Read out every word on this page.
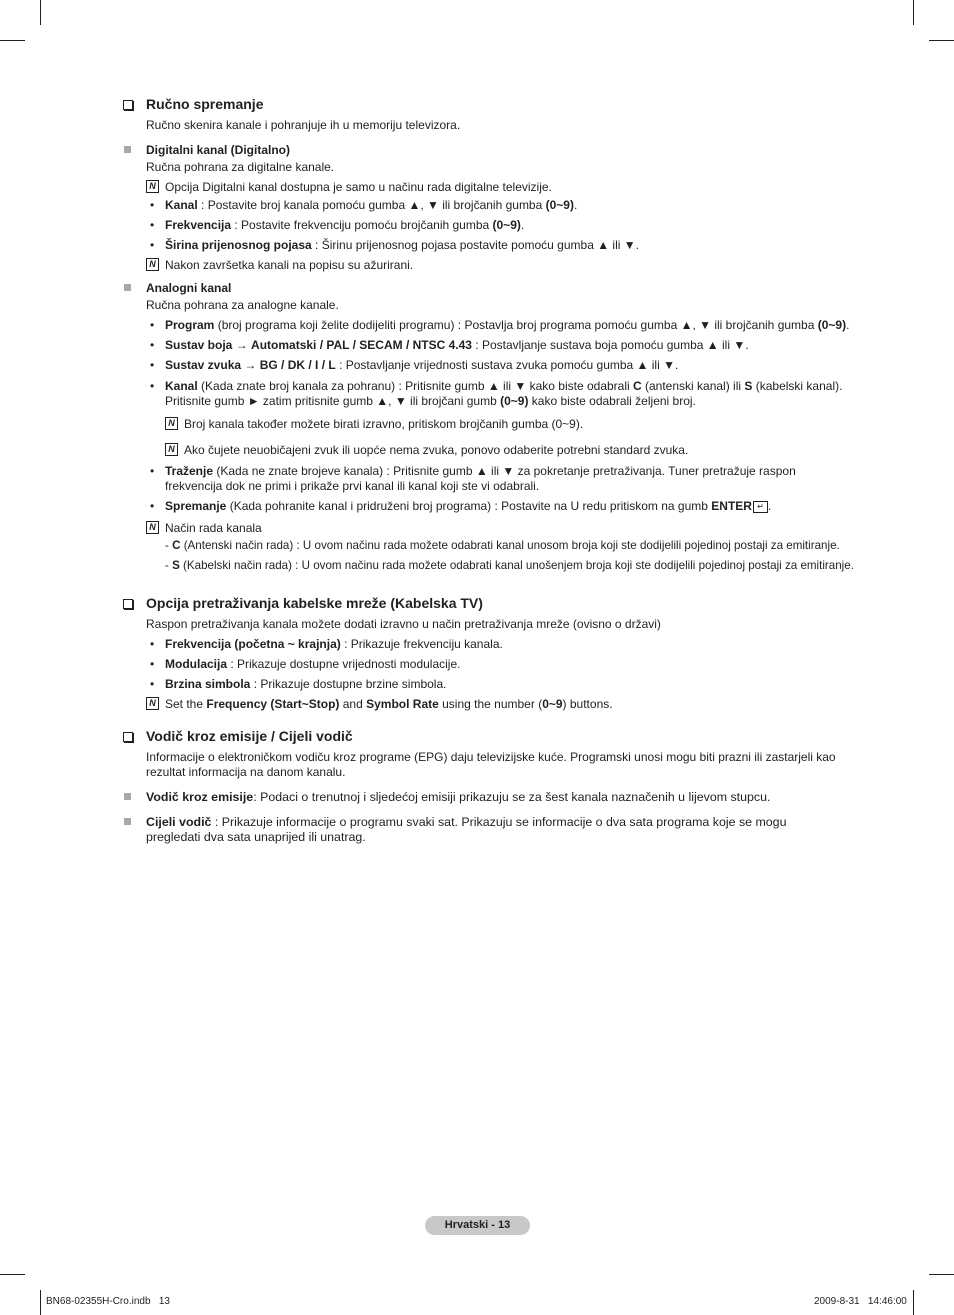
Ručno spremanje
Ručno skenira kanale i pohranjuje ih u memoriju televizora.
Digitalni kanal (Digitalno)
Ručna pohrana za digitalne kanale.
N Opcija Digitalni kanal dostupna je samo u načinu rada digitalne televizije.
• Kanal : Postavite broj kanala pomoću gumba ▲, ▼ ili brojčanih gumba (0~9).
• Frekvencija : Postavite frekvenciju pomoću brojčanih gumba (0~9).
• Širina prijenosnog pojasa : Širinu prijenosnog pojasa postavite pomoću gumba ▲ ili ▼.
N Nakon završetka kanali na popisu su ažurirani.
Analogni kanal
Ručna pohrana za analogne kanale.
• Program (broj programa koji želite dodijeliti programu) : Postavlja broj programa pomoću gumba ▲, ▼ ili brojčanih gumba (0~9).
• Sustav boja → Automatski / PAL / SECAM / NTSC 4.43 : Postavljanje sustava boja pomoću gumba ▲ ili ▼.
• Sustav zvuka → BG / DK / I / L : Postavljanje vrijednosti sustava zvuka pomoću gumba ▲ ili ▼.
• Kanal (Kada znate broj kanala za pohranu) : Pritisnite gumb ▲ ili ▼ kako biste odabrali C (antenski kanal) ili S (kabelski kanal).
Pritisnite gumb ► zatim pritisnite gumb ▲, ▼ ili brojčani gumb (0~9) kako biste odabrali željeni broj.
N Broj kanala također možete birati izravno, pritiskom brojčanih gumba (0~9).
N Ako čujete neuobičajeni zvuk ili uopće nema zvuka, ponovo odaberite potrebni standard zvuka.
• Traženje (Kada ne znate brojeve kanala) : Pritisnite gumb ▲ ili ▼ za pokretanje pretraživanja. Tuner pretražuje raspon
frekvencija dok ne primi i prikaže prvi kanal ili kanal koji ste vi odabrali.
• Spremanje (Kada pohranite kanal i pridruženi broj programa) : Postavite na U redu pritiskom na gumb ENTER ↵ .
N Način rada kanala
- C (Antenski način rada) : U ovom načinu rada možete odabrati kanal unosom broja koji ste dodijelili pojedinoj postaji za emitiranje.
- S (Kabelski način rada) : U ovom načinu rada možete odabrati kanal unošenjem broja koji ste dodijelili pojedinoj postaji za emitiranje.
Opcija pretraživanja kabelske mreže (Kabelska TV)
Raspon pretraživanja kanala možete dodati izravno u način pretraživanja mreže (ovisno o državi)
• Frekvencija (početna ~ krajnja) : Prikazuje frekvenciju kanala.
• Modulacija : Prikazuje dostupne vrijednosti modulacije.
• Brzina simbola : Prikazuje dostupne brzine simbola.
N Set the Frequency (Start~Stop) and Symbol Rate using the number (0~9) buttons.
Vodič kroz emisije / Cijeli vodič
Informacije o elektroničkom vodiču kroz programe (EPG) daju televizijske kuće. Programski unosi mogu biti prazni ili zastarjeli kao rezultat informacija na danom kanalu.
Vodič kroz emisije: Podaci o trenutnoj i sljedećoj emisiji prikazuju se za šest kanala naznačenih u lijevom stupcu.
Cijeli vodič : Prikazuje informacije o programu svaki sat. Prikazuju se informacije o dva sata programa koje se mogu pregledati dva sata unaprijed ili unatrag.
Hrvatski - 13
BN68-02355H-Cro.indb   13	2009-8-31   14:46:00
